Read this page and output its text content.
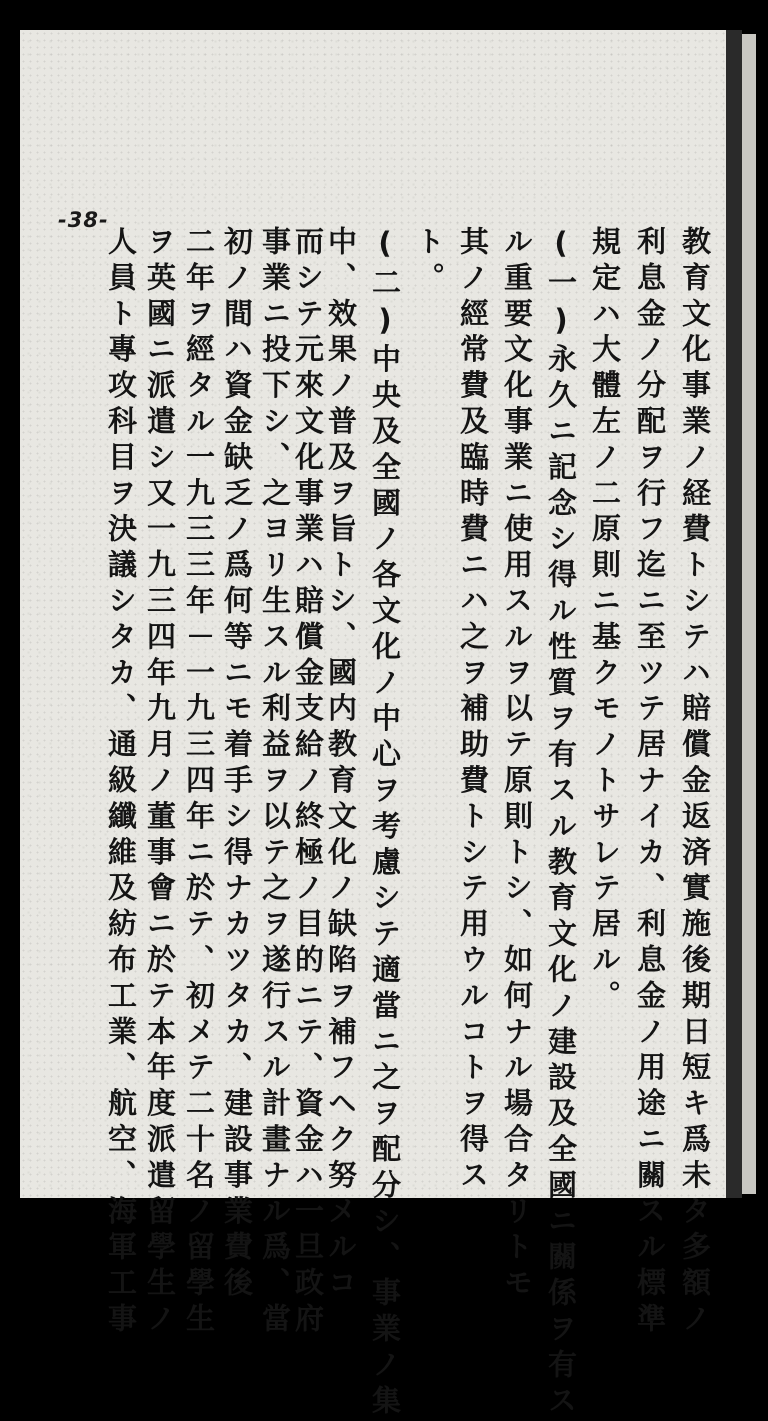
-38-
教育文化事業ノ経費トシテハ賠償金返済實施後期日短キ爲未タ多額ノ
利息金ノ分配ヲ行フ迄ニ至ツテ居ナイカ、利息金ノ用途ニ關スル標準
規定ハ大體左ノ二原則ニ基クモノトサレテ居ル。
(一)永久ニ記念シ得ル性質ヲ有スル教育文化ノ建設及全國ニ關係ヲ有ス
ル重要文化事業ニ使用スルヲ以テ原則トシ、如何ナル場合タリトモ
其ノ經常費及臨時費ニハ之ヲ補助費トシテ用ウルコトヲ得ス
ト。
(二)中央及全國ノ各文化ノ中心ヲ考慮シテ適當ニ之ヲ配分シ、事業ノ集
中、效果ノ普及ヲ旨トシ、國内教育文化ノ缺陷ヲ補フヘク努メルコ
而シテ元來文化事業ハ賠償金支給ノ終極ノ目的ニテ、資金ハ一旦政府
事業ニ投下シ、之ヨリ生スル利益ヲ以テ之ヲ遂行スル計畫ナル爲、當
初ノ間ハ資金缺乏ノ爲何等ニモ着手シ得ナカツタカ、建設事業費後
二年ヲ經タル一九三三年－一九三四年ニ於テ、初メテ二十名ノ留學生
ヲ英國ニ派遣シ又一九三四年九月ノ董事會ニ於テ本年度派遣留學生ノ
人員ト專攻科目ヲ決議シタカ、通級纖維及紡布工業、航空、海軍工事
